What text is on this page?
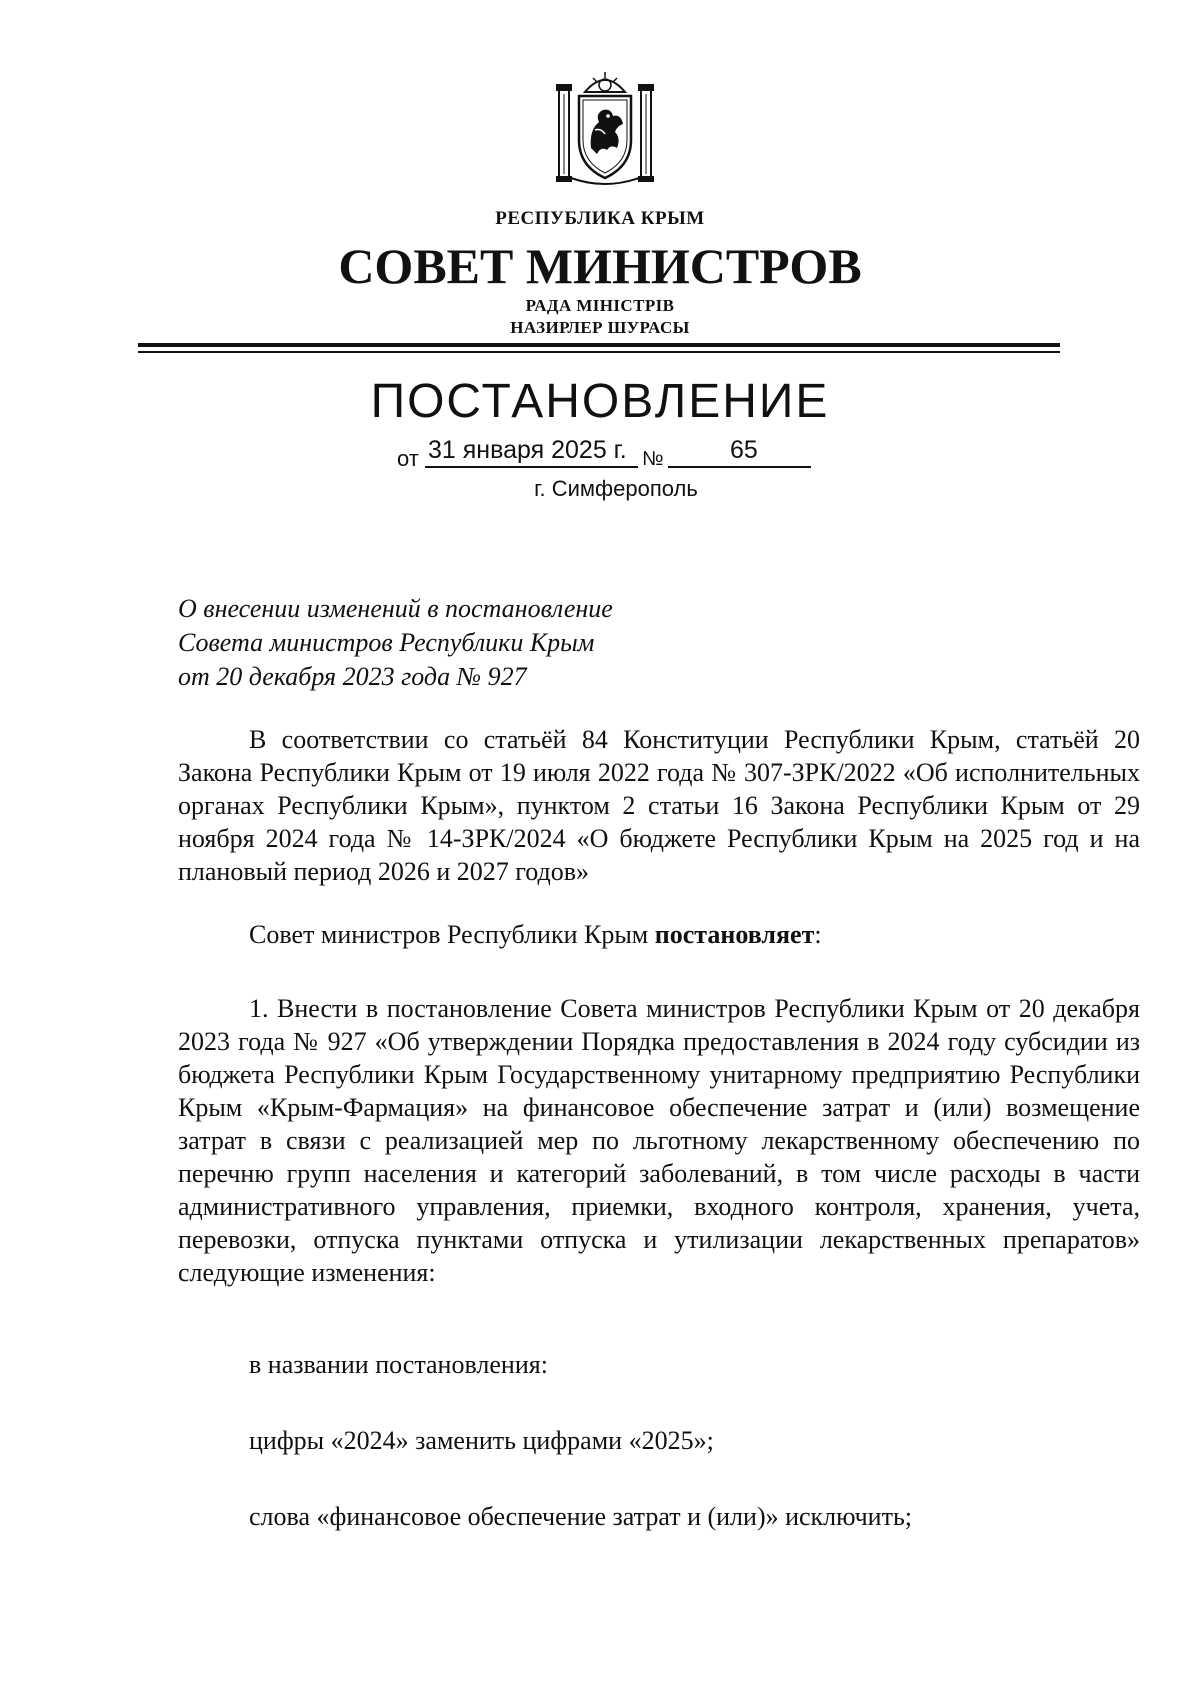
РЕСПУБЛИКА КРЫМ
СОВЕТ МИНИСТРОВ
РАДА МІНІСТРІВ
НАЗИРЛЕР ШУРАСЫ
ПОСТАНОВЛЕНИЕ
от 31 января 2025 г. №	65
г. Симферополь
О внесении изменений в постановление
Совета министров Республики Крым
от 20 декабря 2023 года № 927
В соответствии со статьёй 84 Конституции Республики Крым, статьёй 20 Закона Республики Крым от 19 июля 2022 года № 307-ЗРК/2022 «Об исполнительных органах Республики Крым», пунктом 2 статьи 16 Закона Республики Крым от 29 ноября 2024 года № 14-ЗРК/2024 «О бюджете Республики Крым на 2025 год и на плановый период 2026 и 2027 годов»
Совет министров Республики Крым постановляет:
1. Внести в постановление Совета министров Республики Крым от 20 декабря 2023 года № 927 «Об утверждении Порядка предоставления в 2024 году субсидии из бюджета Республики Крым Государственному унитарному предприятию Республики Крым «Крым-Фармация» на финансовое обеспечение затрат и (или) возмещение затрат в связи с реализацией мер по льготному лекарственному обеспечению по перечню групп населения и категорий заболеваний, в том числе расходы в части административного управления, приемки, входного контроля, хранения, учета, перевозки, отпуска пунктами отпуска и утилизации лекарственных препаратов» следующие изменения:
в названии постановления:
цифры «2024» заменить цифрами «2025»;
слова «финансовое обеспечение затрат и (или)» исключить;
